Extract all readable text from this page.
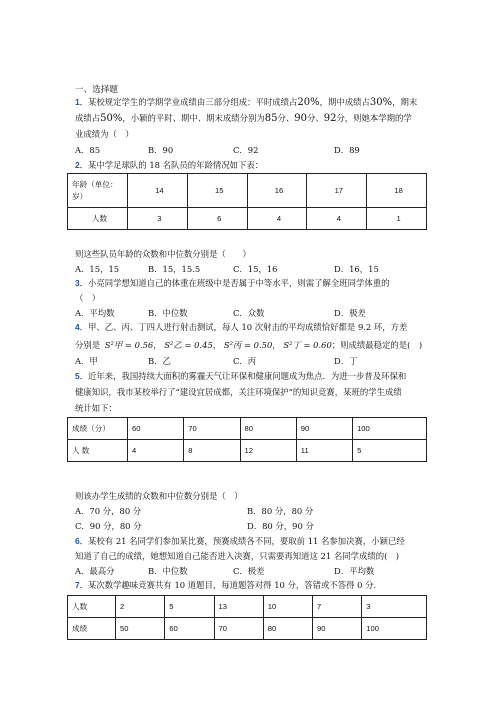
一、选择题
1．某校规定学生的学期学业成绩由三部分组成：平时成绩占20%，期中成绩占30%，期末
成绩占50%，小颖的平时、期中、期末成绩分别为85分、90分、92分，则她本学期的学
业成绩为（　）
A．85	B．90	C．92	D．89
2．某中学足球队的 18 名队员的年龄情况如下表：
年龄（单位：岁）	14	15	16	17	18
人数	3	6	4	4	1
则这些队员年龄的众数和中位数分别是（　　）
A．15，15	B．15，15.5	C．15，16	D．16，15
3．小亮同学想知道自己的体重在班级中是否属于中等水平，则需了解全班同学体重的
（　）
A．平均数	B．中位数	C．众数	D．极差
4．甲、乙、丙、丁四人进行射击测试，每人 10 次射击的平均成绩恰好都是 9.2 环，方差
分别是 S²甲 = 0.56， S²乙 = 0.45， S²丙 = 0.50， S²丁 = 0.60；则成绩最稳定的是(　)
A．甲	B．乙	C．丙	D．丁
5．近年来，我国持续大面积的雾霾天气让环保和健康问题成为焦点．为进一步普及环保和
健康知识，我市某校举行了“建设宜居成都，关注环境保护”的知识竞赛，某班的学生成绩
统计如下：
成绩（分）	60	70	80	90	100
人 数	4	8	12	11	5
则该办学生成绩的众数和中位数分别是（　）
A．70 分，80 分	B．80 分，80 分
C．90 分，80 分	D．80 分，90 分
6．某校有 21 名同学们参加某比赛，预赛成绩各不同，要取前 11 名参加决赛，小颖已经
知道了自己的成绩，她想知道自己能否进入决赛，只需要再知道这 21 名同学成绩的(　)
A．最高分	B．中位数	C．极差	D．平均数
7．某次数学趣味竞赛共有 10 道题目，每道题答对得 10 分，答错或不答得 0 分.
人数	2	5	13	10	7	3
成绩	50	60	70	80	90	100
